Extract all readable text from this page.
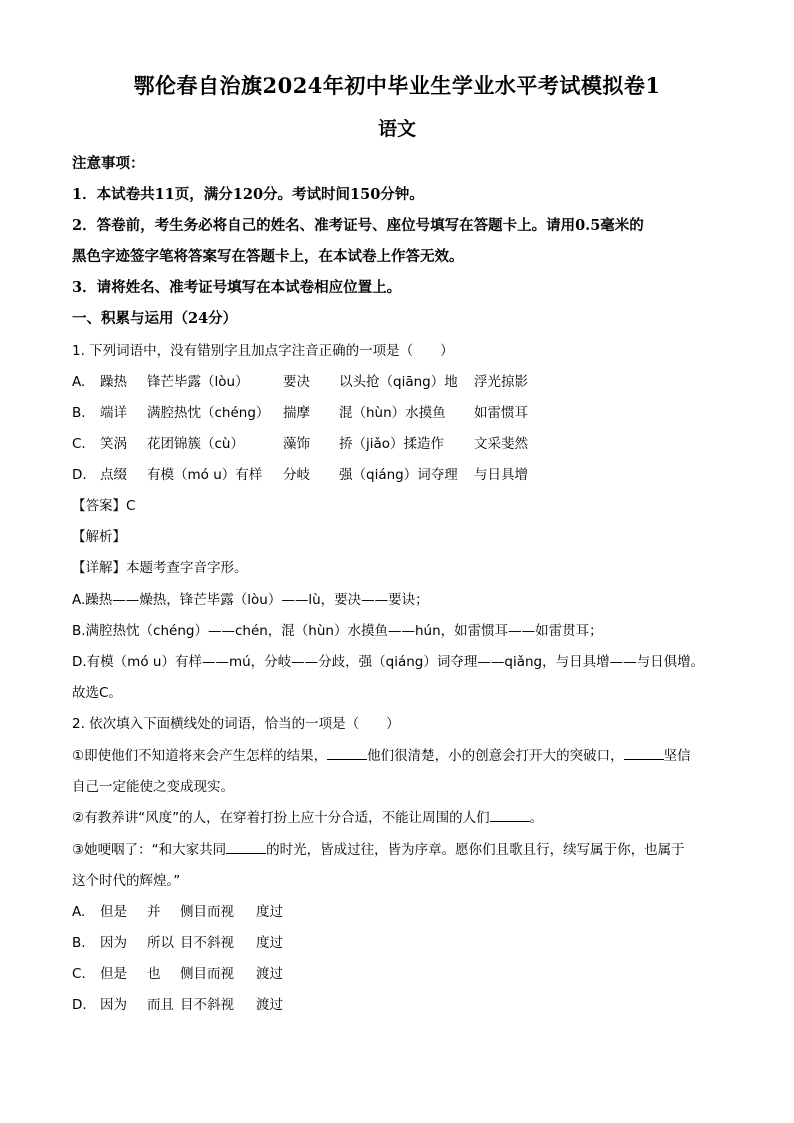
鄂伦春自治旗2024年初中毕业生学业水平考试模拟卷1
语文
注意事项：
1．本试卷共11页，满分120分。考试时间150分钟。
2．答卷前，考生务必将自己的姓名、准考证号、座位号填写在答题卡上。请用0.5毫米的
黑色字迹签字笔将答案写在答题卡上，在本试卷上作答无效。
3．请将姓名、准考证号填写在本试卷相应位置上。
一、积累与运用（24分）
1. 下列词语中，没有错别字且加点字注音正确的一项是（　　）
A. 躁热 锋芒毕露（lòu）	要决 以头抢（qiāng）地 浮光掠影
B. 端详 满腔热忱（chéng） 揣摩 混（hùn）水摸鱼 如雷惯耳
C. 笑涡 花团锦簇（cù）	藻饰 挢（jiǎo）揉造作 文采斐然
D. 点缀 有模（mó u）有样 分岐 强（qiáng）词夺理 与日具增
【答案】C
【解析】
【详解】本题考查字音字形。
A.躁热——燥热，锋芒毕露（lòu）——lù，要决——要诀；
B.满腔热忱（chéng）——chén，混（hùn）水摸鱼——hún，如雷惯耳——如雷贯耳；
D.有模（mó u）有样——mú，分岐——分歧，强（qiáng）词夺理——qiǎng，与日具增——与日俱增。
故选C。
2. 依次填入下面横线处的词语，恰当的一项是（　　）
①即使他们不知道将来会产生怎样的结果，	他们很清楚，小的创意会打开大的突破口，	坚信
自己一定能使之变成现实。
②有教养讲“风度”的人，在穿着打扮上应十分合适，不能让周围的人们	。
③她哽咽了：“和大家共同	的时光，皆成过往，皆为序章。愿你们且歌且行，续写属于你，也属于
这个时代的辉煌。”
A. 但是 并 侧目而视 度过
B. 因为 所以 目不斜视 度过
C. 但是 也 侧目而视 渡过
D. 因为 而且 目不斜视 渡过
